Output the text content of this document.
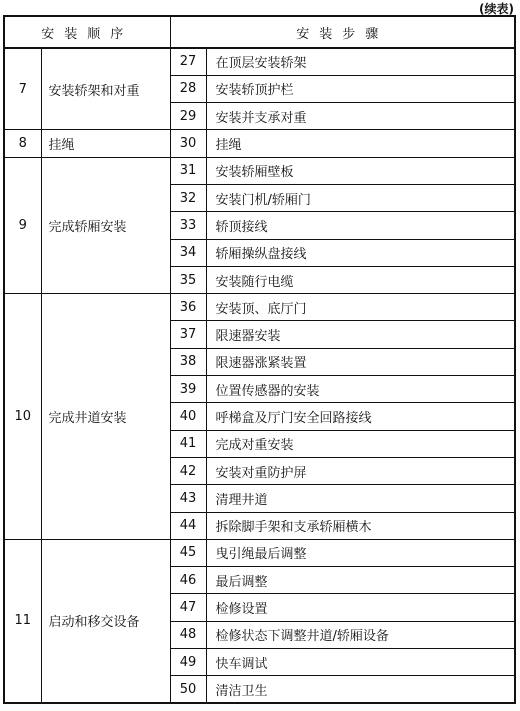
(续表)
安装顺序		安装步骤	
7	安装轿架和对重	27	在顶层安装轿架
		28	安装轿顶护栏
		29	安装并支承对重
8	挂绳	30	挂绳
9	完成轿厢安装	31	安装轿厢壁板
		32	安装门机/轿厢门
		33	轿顶接线
		34	轿厢操纵盘接线
		35	安装随行电缆
10	完成井道安装	36	安装顶、底厅门
		37	限速器安装
		38	限速器涨紧装置
		39	位置传感器的安装
		40	呼梯盒及厅门安全回路接线
		41	完成对重安装
		42	安装对重防护屏
		43	清理井道
		44	拆除脚手架和支承轿厢横木
11	启动和移交设备	45	曳引绳最后调整
		46	最后调整
		47	检修设置
		48	检修状态下调整井道/轿厢设备
		49	快车调试
		50	清洁卫生
